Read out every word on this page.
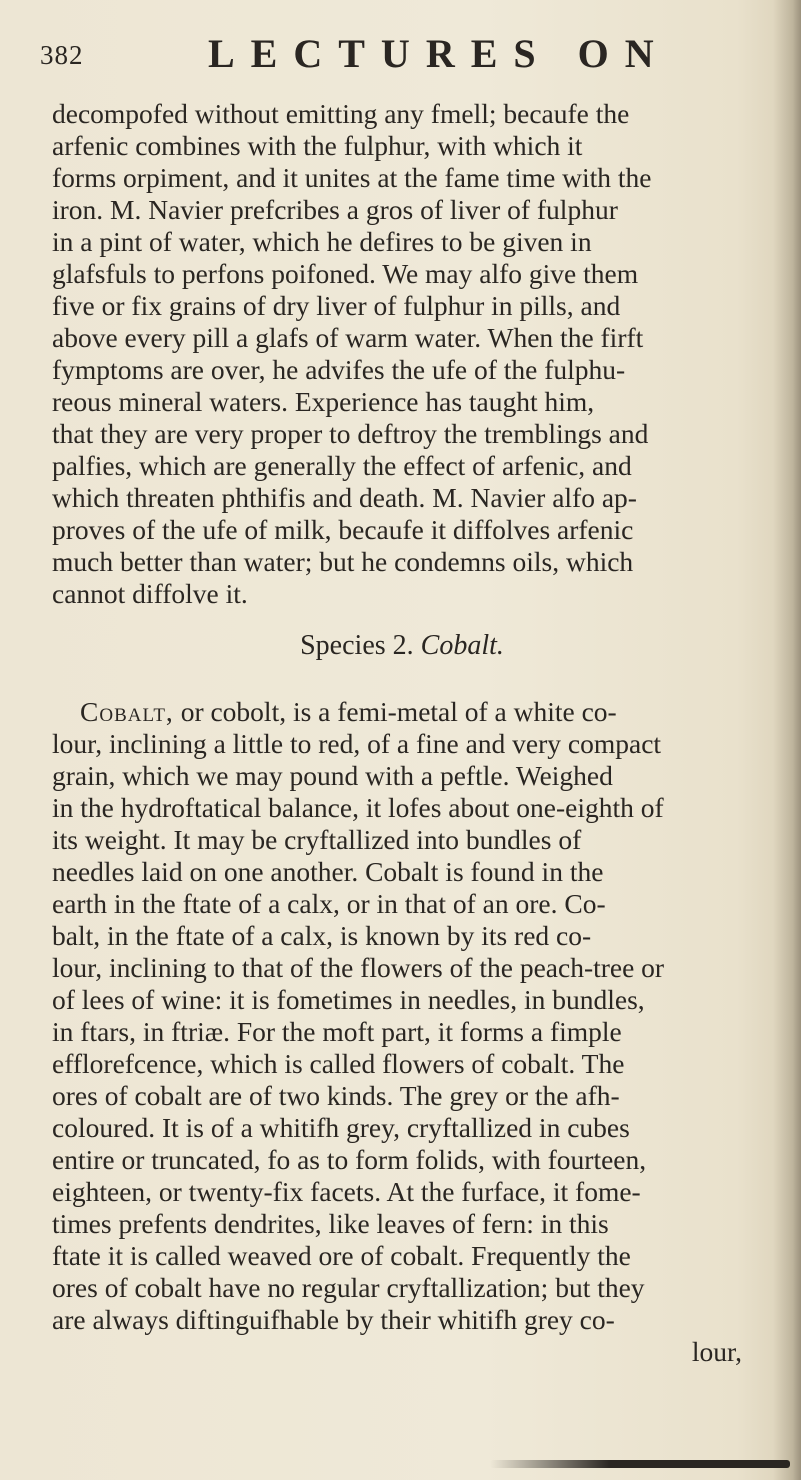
382	LECTURES ON
decompofed without emitting any fmell; becaufe the
arfenic combines with the fulphur, with which it
forms orpiment, and it unites at the fame time with the
iron. M. Navier prefcribes a gros of liver of fulphur
in a pint of water, which he defires to be given in
glafsfuls to perfons poifoned. We may alfo give them
five or fix grains of dry liver of fulphur in pills, and
above every pill a glafs of warm water. When the firft
fymptoms are over, he advifes the ufe of the fulphu-
reous mineral waters. Experience has taught him,
that they are very proper to deftroy the tremblings and
palfies, which are generally the effect of arfenic, and
which threaten phthifis and death. M. Navier alfo ap-
proves of the ufe of milk, becaufe it diffolves arfenic
much better than water; but he condemns oils, which
cannot diffolve it.
Species 2. Cobalt.
Cobalt, or cobolt, is a femi-metal of a white co-
lour, inclining a little to red, of a fine and very compact
grain, which we may pound with a peftle. Weighed
in the hydroftatical balance, it lofes about one-eighth of
its weight. It may be cryftallized into bundles of
needles laid on one another. Cobalt is found in the
earth in the ftate of a calx, or in that of an ore. Co-
balt, in the ftate of a calx, is known by its red co-
lour, inclining to that of the flowers of the peach-tree or
of lees of wine: it is fometimes in needles, in bundles,
in ftars, in ftriæ. For the moft part, it forms a fimple
efflorefcence, which is called flowers of cobalt. The
ores of cobalt are of two kinds. The grey or the afh-
coloured. It is of a whitifh grey, cryftallized in cubes
entire or truncated, fo as to form folids, with fourteen,
eighteen, or twenty-fix facets. At the furface, it fome-
times prefents dendrites, like leaves of fern: in this
ftate it is called weaved ore of cobalt. Frequently the
ores of cobalt have no regular cryftallization; but they
are always diftinguifhable by their whitifh grey co-
lour,
